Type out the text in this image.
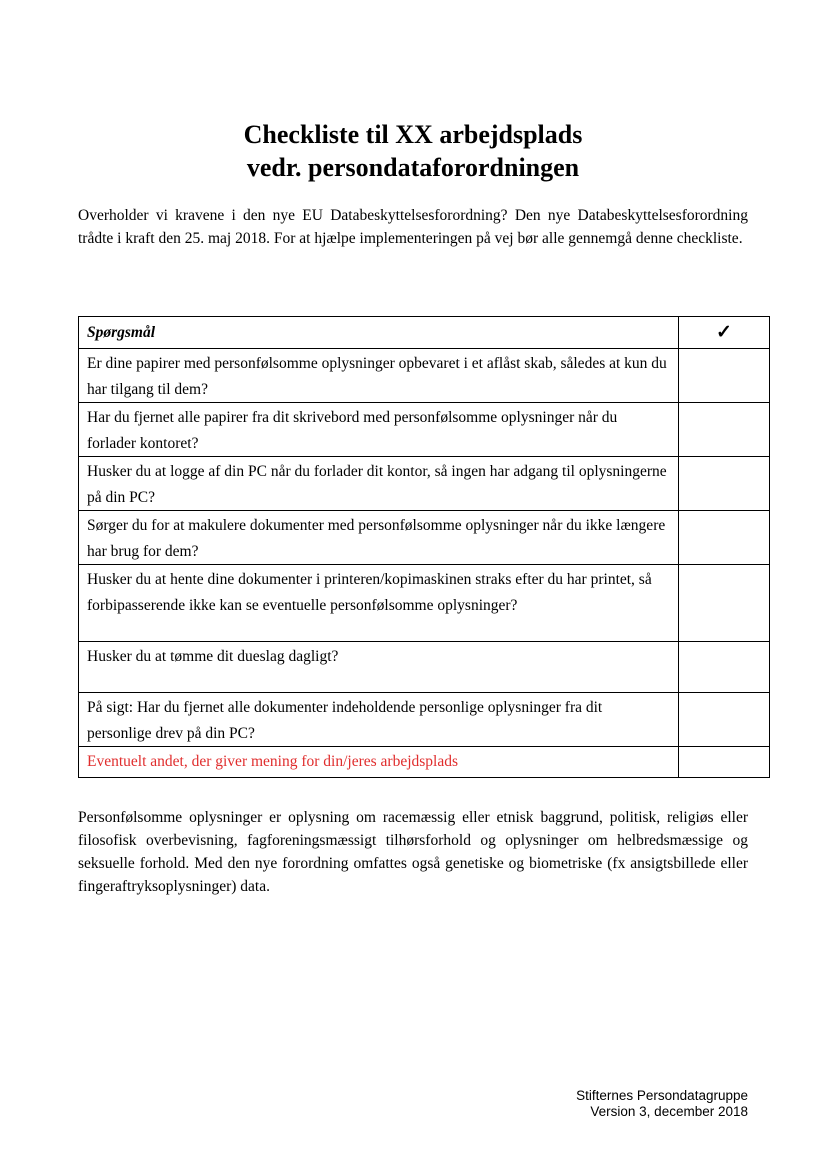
Checkliste til XX arbejdsplads
vedr. persondataforordningen

Overholder vi kravene i den nye EU Databeskyttelsesforordning? Den nye Databeskyttelsesforordning trådte i kraft den 25. maj 2018. For at hjælpe implementeringen på vej bør alle gennemgå denne checkliste.

Spørgsmål	✓
Er dine papirer med personfølsomme oplysninger opbevaret i et aflåst skab, således at kun du har tilgang til dem?	
Har du fjernet alle papirer fra dit skrivebord med personfølsomme oplysninger når du forlader kontoret?	
Husker du at logge af din PC når du forlader dit kontor, så ingen har adgang til oplysningerne på din PC?	
Sørger du for at makulere dokumenter med personfølsomme oplysninger når du ikke længere har brug for dem?	
Husker du at hente dine dokumenter i printeren/kopimaskinen straks efter du har printet, så forbipasserende ikke kan se eventuelle personfølsomme oplysninger?	
Husker du at tømme dit dueslag dagligt?	
På sigt: Har du fjernet alle dokumenter indeholdende personlige oplysninger fra dit personlige drev på din PC?	
Eventuelt andet, der giver mening for din/jeres arbejdsplads	

Personfølsomme oplysninger er oplysning om racemæssig eller etnisk baggrund, politisk, religiøs eller filosofisk overbevisning, fagforeningsmæssigt tilhørsforhold og oplysninger om helbredsmæssige og seksuelle forhold. Med den nye forordning omfattes også genetiske og biometriske (fx ansigtsbillede eller fingeraftryksoplysninger) data.

Stifternes Persondatagruppe
Version 3, december 2018
